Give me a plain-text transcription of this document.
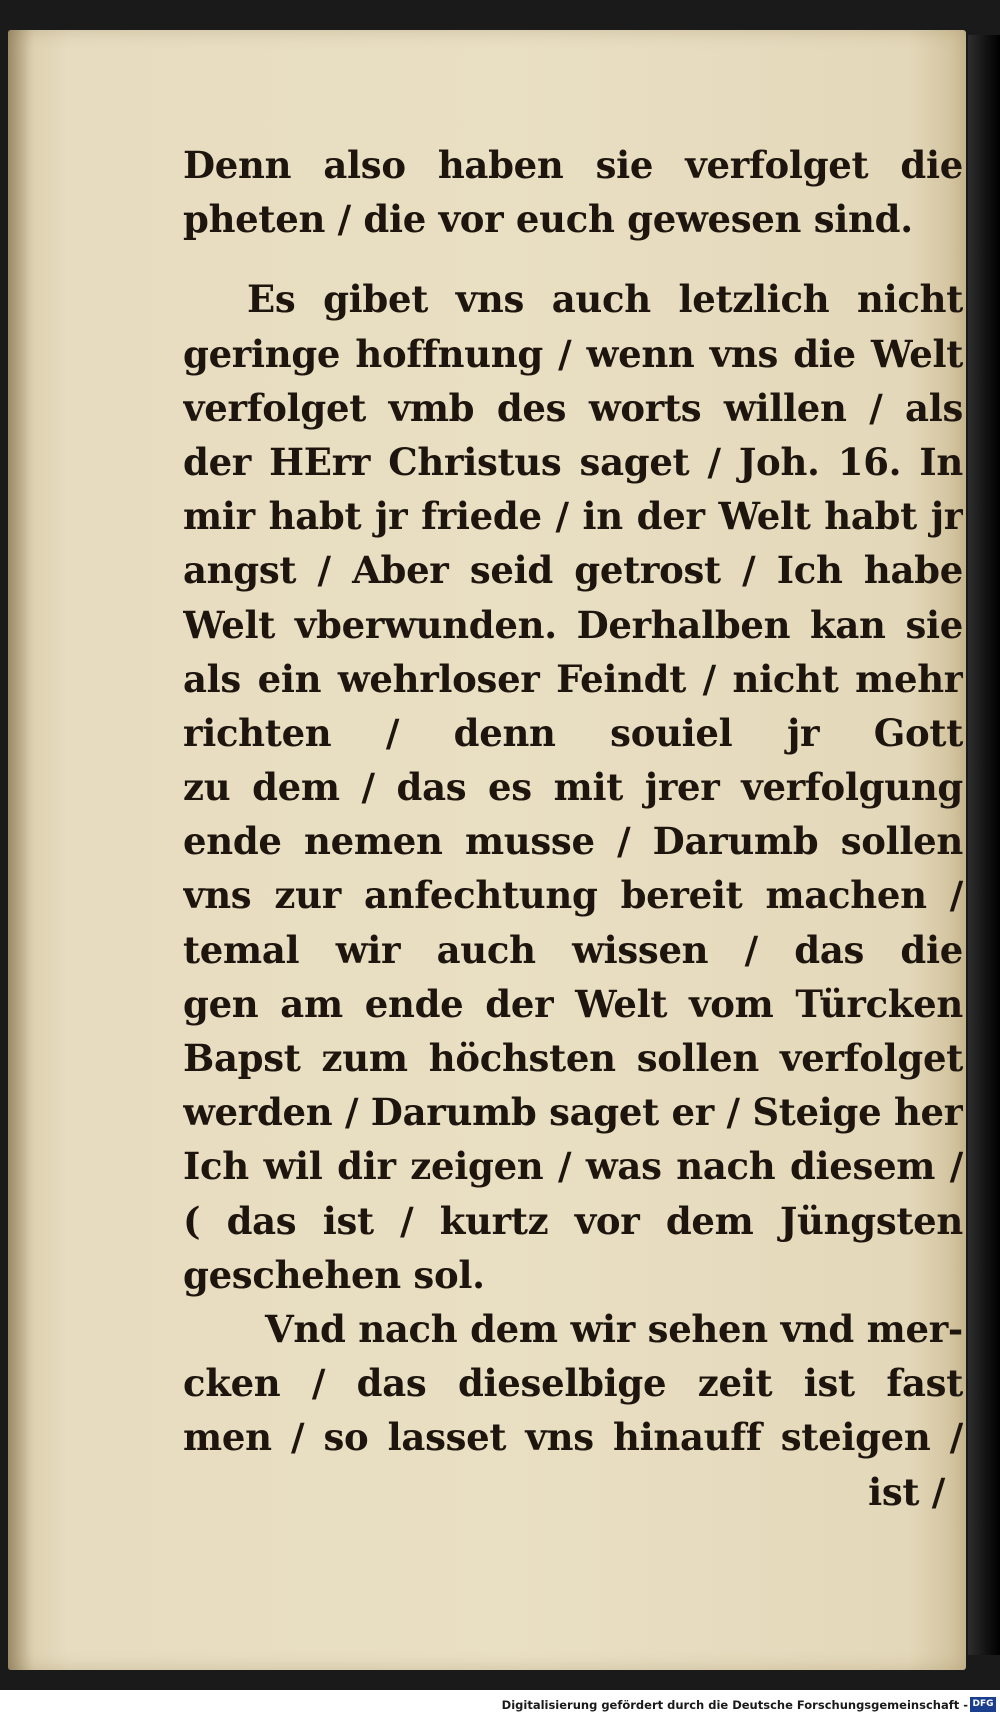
Denn also haben sie verfolget die
pheten / die vor euch gewesen sind.
Es gibet vns auch letzlich nicht
geringe hoffnung / wenn vns die Welt
verfolget vmb des worts willen / als
der HErr Christus saget / Joh. 16. In
mir habt jr friede / in der Welt habt jr
angst / Aber seid getrost / Ich habe
Welt vberwunden. Derhalben kan sie
als ein wehrloser Feindt / nicht mehr
richten / denn souiel jr Gott
zu dem / das es mit jrer verfolgung
ende nemen musse / Darumb sollen
vns zur anfechtung bereit machen /
temal wir auch wissen / das die
gen am ende der Welt vom Türcken
Bapst zum höchsten sollen verfolget
werden / Darumb saget er / Steige her
Ich wil dir zeigen / was nach diesem /
( das ist / kurtz vor dem Jüngsten
geschehen sol.
Vnd nach dem wir sehen vnd mer-
cken / das dieselbige zeit ist fast
men / so lasset vns hinauff steigen /
ist /
Digitalisierung gefördert durch die Deutsche Forschungsgemeinschaft - DFG
